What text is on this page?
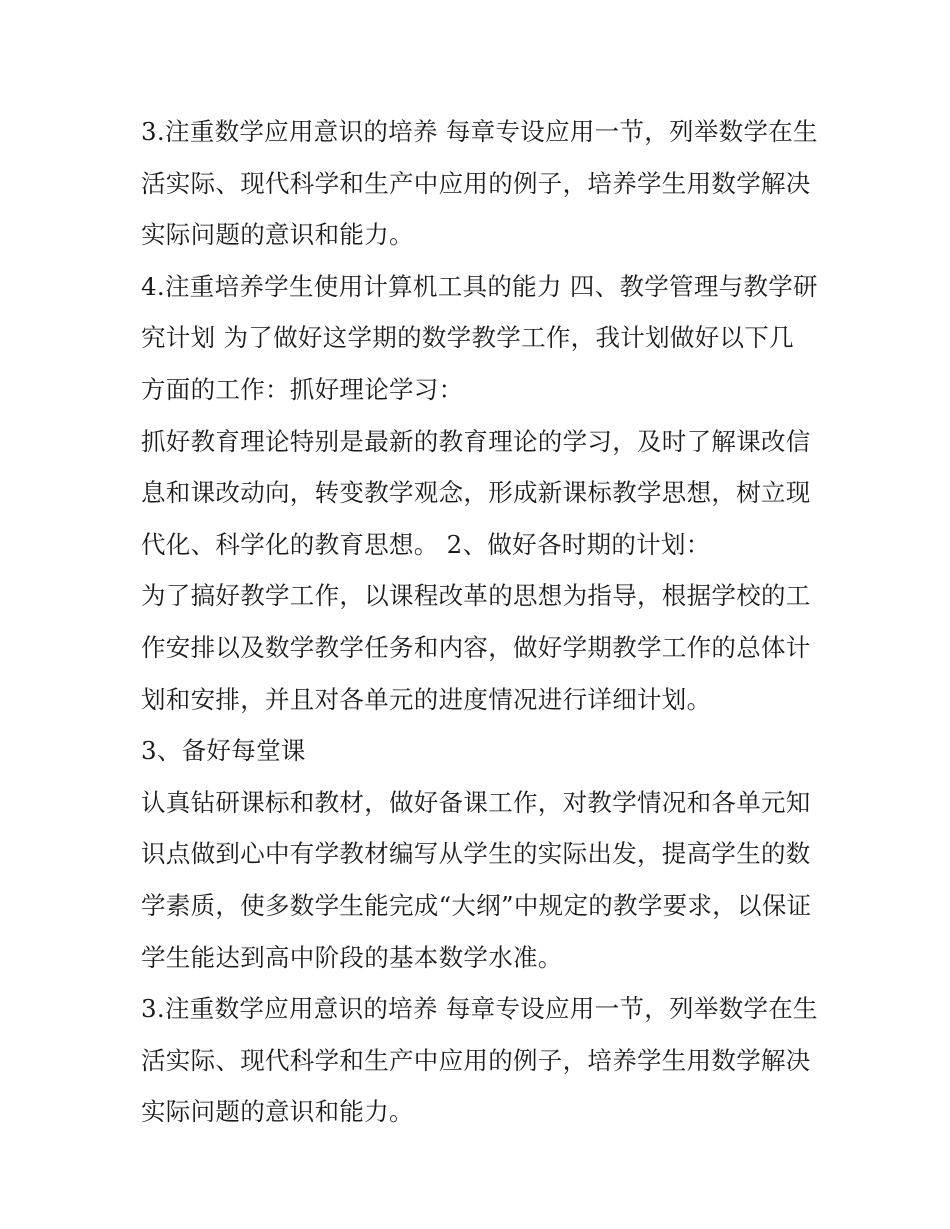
3.注重数学应用意识的培养 每章专设应用一节，列举数学在生
活实际、现代科学和生产中应用的例子，培养学生用数学解决
实际问题的意识和能力。
4.注重培养学生使用计算机工具的能力 四、教学管理与教学研
究计划 为了做好这学期的数学教学工作，我计划做好以下几
方面的工作：抓好理论学习：
抓好教育理论特别是最新的教育理论的学习，及时了解课改信
息和课改动向，转变教学观念，形成新课标教学思想，树立现
代化、科学化的教育思想。 2、做好各时期的计划：
为了搞好教学工作，以课程改革的思想为指导，根据学校的工
作安排以及数学教学任务和内容，做好学期教学工作的总体计
划和安排，并且对各单元的进度情况进行详细计划。
3、备好每堂课
认真钻研课标和教材，做好备课工作，对教学情况和各单元知
识点做到心中有学教材编写从学生的实际出发，提高学生的数
学素质，使多数学生能完成“大纲”中规定的教学要求，以保证
学生能达到高中阶段的基本数学水准。
3.注重数学应用意识的培养 每章专设应用一节，列举数学在生
活实际、现代科学和生产中应用的例子，培养学生用数学解决
实际问题的意识和能力。
